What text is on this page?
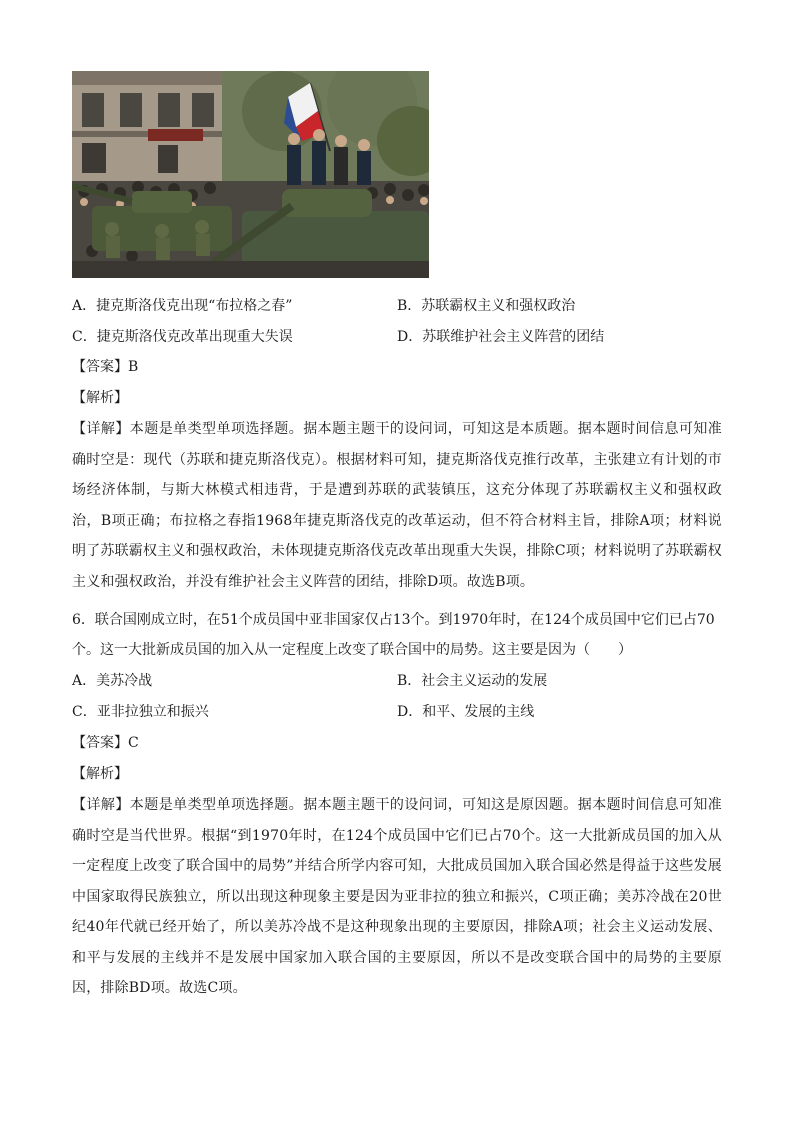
A．捷克斯洛伐克出现“布拉格之春”	B．苏联霸权主义和强权政治
C．捷克斯洛伐克改革出现重大失误	D．苏联维护社会主义阵营的团结
【答案】B
【解析】
【详解】本题是单类型单项选择题。据本题主题干的设问词，可知这是本质题。据本题时间信息可知准确时空是：现代（苏联和捷克斯洛伐克）。根据材料可知，捷克斯洛伐克推行改革，主张建立有计划的市场经济体制，与斯大林模式相违背，于是遭到苏联的武装镇压，这充分体现了苏联霸权主义和强权政治，B项正确；布拉格之春指1968年捷克斯洛伐克的改革运动，但不符合材料主旨，排除A项；材料说明了苏联霸权主义和强权政治，未体现捷克斯洛伐克改革出现重大失误，排除C项；材料说明了苏联霸权主义和强权政治，并没有维护社会主义阵营的团结，排除D项。故选B项。
6．联合国刚成立时，在51个成员国中亚非国家仅占13个。到1970年时，在124个成员国中它们已占70
个。这一大批新成员国的加入从一定程度上改变了联合国中的局势。这主要是因为（　　）
A．美苏冷战	B．社会主义运动的发展
C．亚非拉独立和振兴	D．和平、发展的主线
【答案】C
【解析】
【详解】本题是单类型单项选择题。据本题主题干的设问词，可知这是原因题。据本题时间信息可知准确时空是当代世界。根据“到1970年时，在124个成员国中它们已占70个。这一大批新成员国的加入从一定程度上改变了联合国中的局势”并结合所学内容可知，大批成员国加入联合国必然是得益于这些发展中国家取得民族独立，所以出现这种现象主要是因为亚非拉的独立和振兴，C项正确；美苏冷战在20世纪40年代就已经开始了，所以美苏冷战不是这种现象出现的主要原因，排除A项；社会主义运动发展、和平与发展的主线并不是发展中国家加入联合国的主要原因，所以不是改变联合国中的局势的主要原因，排除BD项。故选C项。
